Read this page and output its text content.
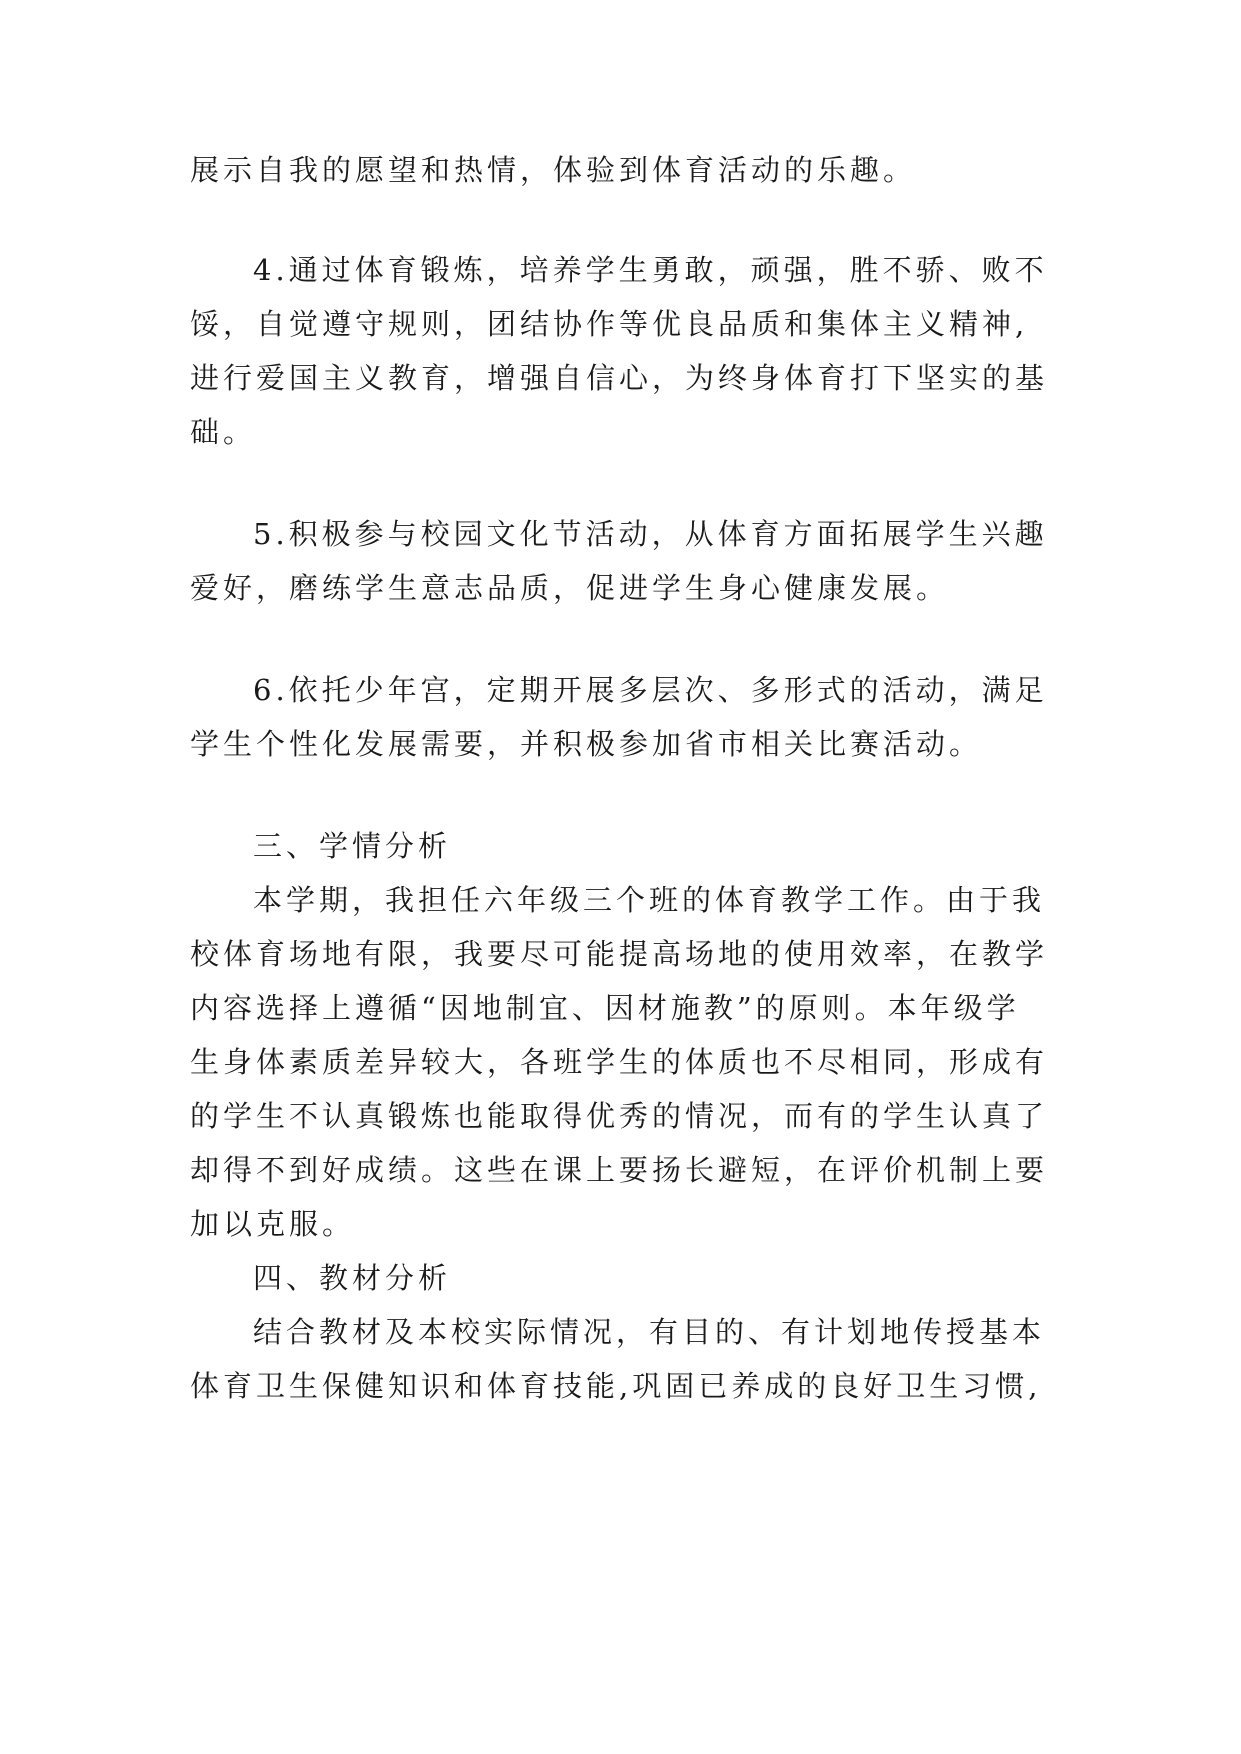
展示自我的愿望和热情，体验到体育活动的乐趣。
4.通过体育锻炼，培养学生勇敢，顽强，胜不骄、败不
馁，自觉遵守规则，团结协作等优良品质和集体主义精神,
进行爱国主义教育，增强自信心，为终身体育打下坚实的基
础。
5.积极参与校园文化节活动，从体育方面拓展学生兴趣
爱好，磨练学生意志品质，促进学生身心健康发展。
6.依托少年宫，定期开展多层次、多形式的活动，满足
学生个性化发展需要，并积极参加省市相关比赛活动。
三、学情分析
本学期，我担任六年级三个班的体育教学工作。由于我
校体育场地有限，我要尽可能提高场地的使用效率，在教学
内容选择上遵循“因地制宜、因材施教”的原则。本年级学
生身体素质差异较大，各班学生的体质也不尽相同，形成有
的学生不认真锻炼也能取得优秀的情况，而有的学生认真了
却得不到好成绩。这些在课上要扬长避短，在评价机制上要
加以克服。
四、教材分析
结合教材及本校实际情况，有目的、有计划地传授基本
体育卫生保健知识和体育技能,巩固已养成的良好卫生习惯,
